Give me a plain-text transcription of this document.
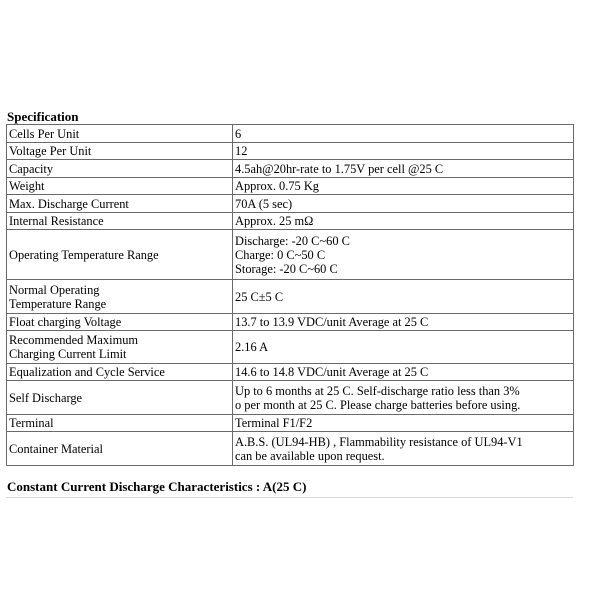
Specification
Cells Per Unit	6

Voltage Per Unit	12

Capacity	4.5ah@20hr-rate to 1.75V per cell @25 C

Weight	Approx. 0.75 Kg

Max. Discharge Current	70A (5 sec)

Internal Resistance	Approx. 25 mΩ

Operating Temperature Range	Discharge: -20 C~60 C
Charge: 0 C~50 C
Storage: -20 C~60 C

Normal Operating
Temperature Range	25 C±5 C

Float charging Voltage	13.7 to 13.9 VDC/unit Average at 25 C

Recommended Maximum
Charging Current Limit	2.16 A

Equalization and Cycle Service	14.6 to 14.8 VDC/unit Average at 25 C

Self Discharge	Up to 6 months at 25 C. Self-discharge ratio less than 3%
o per month at 25 C. Please charge batteries before using.

Terminal	Terminal F1/F2

Container Material	A.B.S. (UL94-HB) , Flammability resistance of UL94-V1
can be available upon request.
Constant Current Discharge Characteristics : A(25 C)
